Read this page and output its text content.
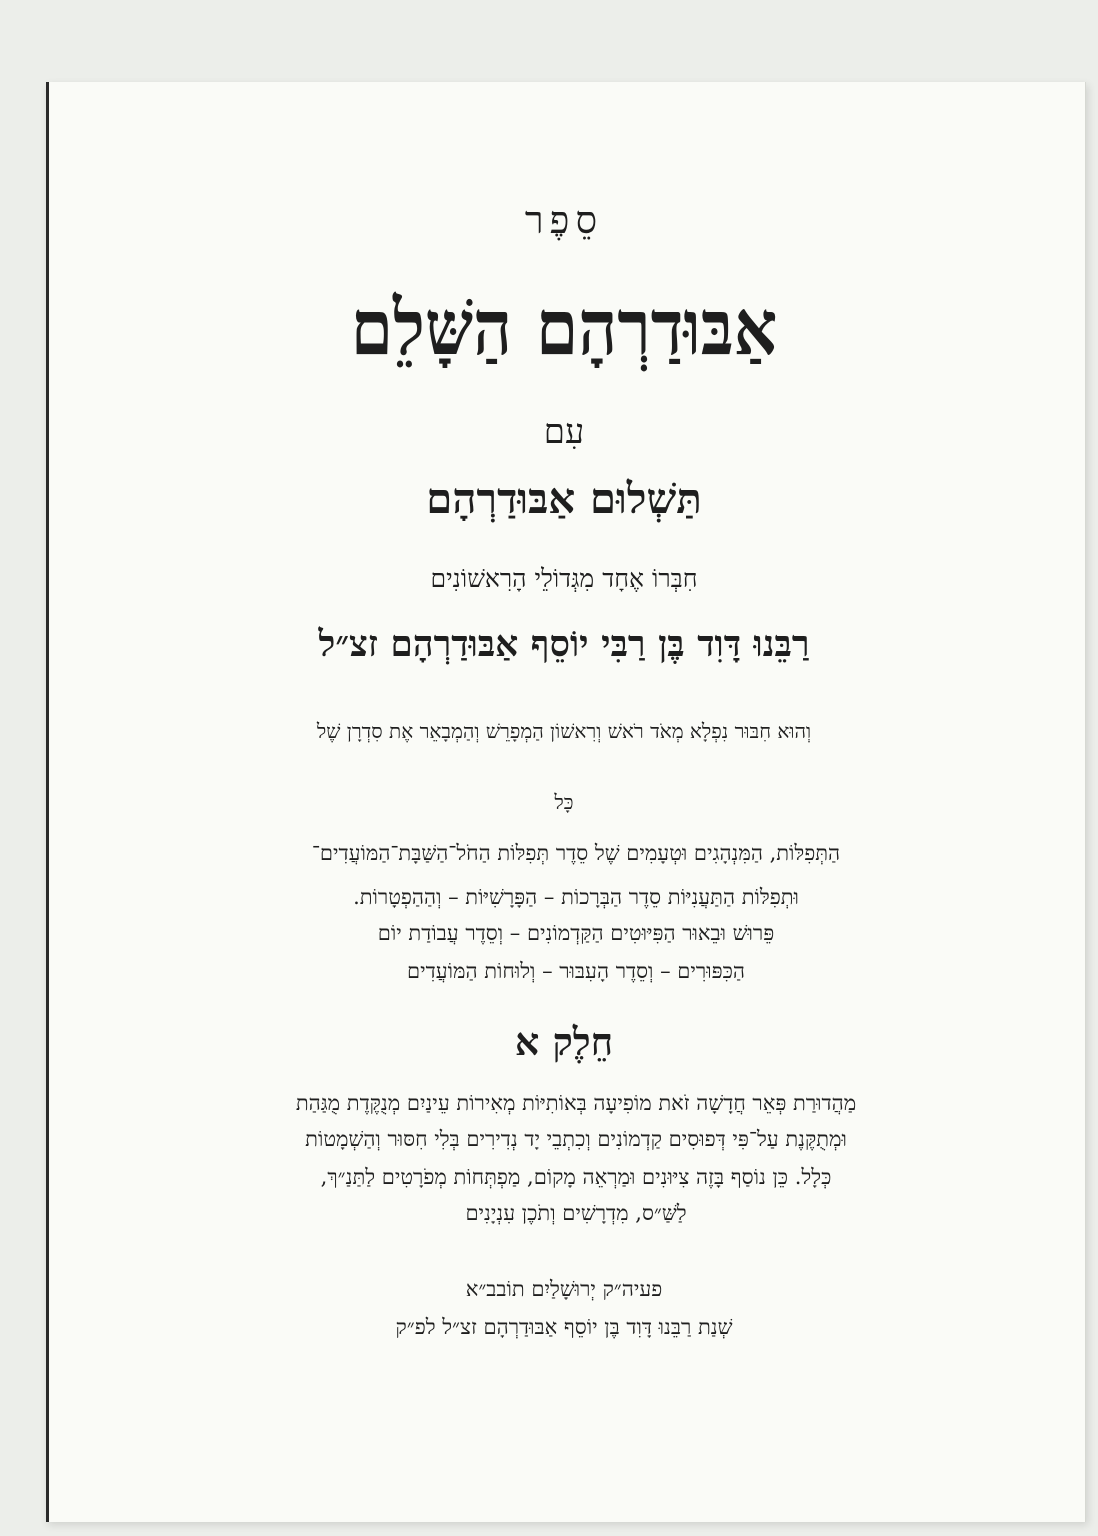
סֵפֶר
אַבּוּדַרְהָם הַשָּׁלֵם
עִם
תַּשְׁלוּם אַבּוּדַרְהָם
חִבְּרוֹ אֶחָד מִגְּדוֹלֵי הָרִאשׁוֹנִים
רַבֵּנוּ דָּוִד בֶּן רַבִּי יוֹסֵף אַבּוּדַרְהָם זצ״ל
וְהוּא חִבּוּר נִפְלָא מְאֹד רֹאשׁ וְרִאשׁוֹן הַמְפָרֵשׁ וְהַמְבָאֵר אֶת סִדְרָן שֶׁל
כָּל
הַתְּפִלּוֹת, הַמִּנְהָגִים וּטְעָמִים שֶׁל סֵדֶר תְּפִלּוֹת הַחֹל־הַשַּׁבָּת־הַמּוֹעֲדִים־
וּתְפִלּוֹת הַתַּעֲנִיּוֹת סֵדֶר הַבְּרָכוֹת – הַפָּרָשִׁיּוֹת – וְהַהַפְטָרוֹת.
פֵּרוּשׁ וּבֵאוּר הַפִּיּוּטִים הַקַּדְמוֹנִים – וְסֵדֶר עֲבוֹדַת יוֹם
הַכִּפּוּרִים – וְסֵדֶר הָעִבּוּר – וְלוּחוֹת הַמּוֹעֲדִים
חֵלֶק א
מַהֲדוּרַת פְּאֵר חֲדָשָׁה זֹאת מוֹפִיעָה בְּאוֹתִיּוֹת מְאִירוֹת עֵינַיִם מְנֻקֶּדֶת מֻגַּהַת
וּמְתֻקֶּנֶת עַל־פִּי דְּפוּסִים קַדְמוֹנִים וְכִתְבֵי יָד נְדִירִים בְּלִי חִסּוּר וְהַשְׁמָטוֹת
כְּלָל. כֵּן נוֹסַף בָּזֶה צִיּוּנִים וּמַרְאֵה מָקוֹם, מַפְתְּחוֹת מְפֹרָטִים לַתַּנַ״ךְ,
לַשַּׁ״ס, מִדְרָשִׁים וְתֹכֶן עִנְיָנִים
פעיה״ק יְרוּשָׁלַיִם תוֹבב״א
שְׁנַת רַבֵּנוּ דָּוִד בֶּן יוֹסֵף אַבּוּדַרְהָם זצ״ל לפ״ק
